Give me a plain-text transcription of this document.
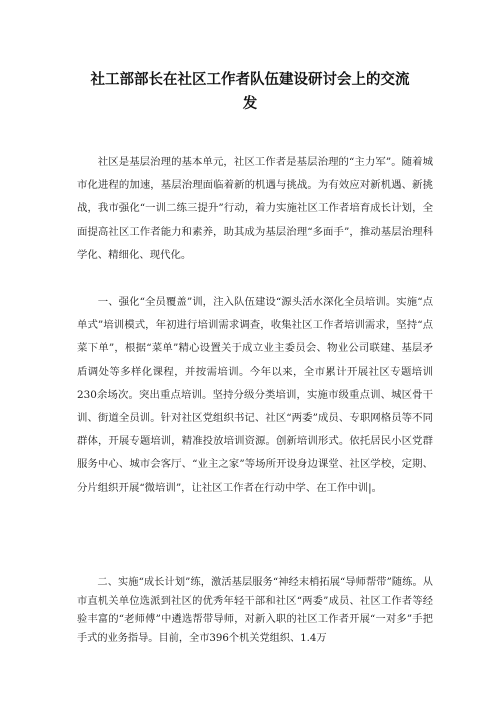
社工部部长在社区工作者队伍建设研讨会上的交流
发

社区是基层治理的基本单元，社区工作者是基层治理的“主力军”。随着城市化进程的加速，基层治理面临着新的机遇与挑战。为有效应对新机遇、新挑战，我市强化“一训二练三提升”行动，着力实施社区工作者培育成长计划，全面提高社区工作者能力和素养，助其成为基层治理“多面手”，推动基层治理科学化、精细化、现代化。

一、强化“全员覆盖”训，注入队伍建设“源头活水深化全员培训。实施“点单式”培训模式，年初进行培训需求调查，收集社区工作者培训需求，坚持“点菜下单”，根据“菜单”精心设置关于成立业主委员会、物业公司联建、基层矛盾调处等多样化课程，并按需培训。今年以来，全市累计开展社区专题培训230余场次。突出重点培训。坚持分级分类培训，实施市级重点训、城区骨干训、街道全员训。针对社区党组织书记、社区“两委”成员、专职网格员等不同群体，开展专题培训，精准投放培训资源。创新培训形式。依托居民小区党群服务中心、城市会客厅、“业主之家”等场所开设身边课堂、社区学校，定期、分片组织开展“微培训”，让社区工作者在行动中学、在工作中训|。

二、实施“成长计划”练，激活基层服务“神经末梢拓展“导师帮带”随练。从市直机关单位选派到社区的优秀年轻干部和社区“两委”成员、社区工作者等经验丰富的“老师傅”中遴选帮带导师，对新入职的社区工作者开展“一对多”手把手式的业务指导。目前，全市396个机关党组织、1.4万
